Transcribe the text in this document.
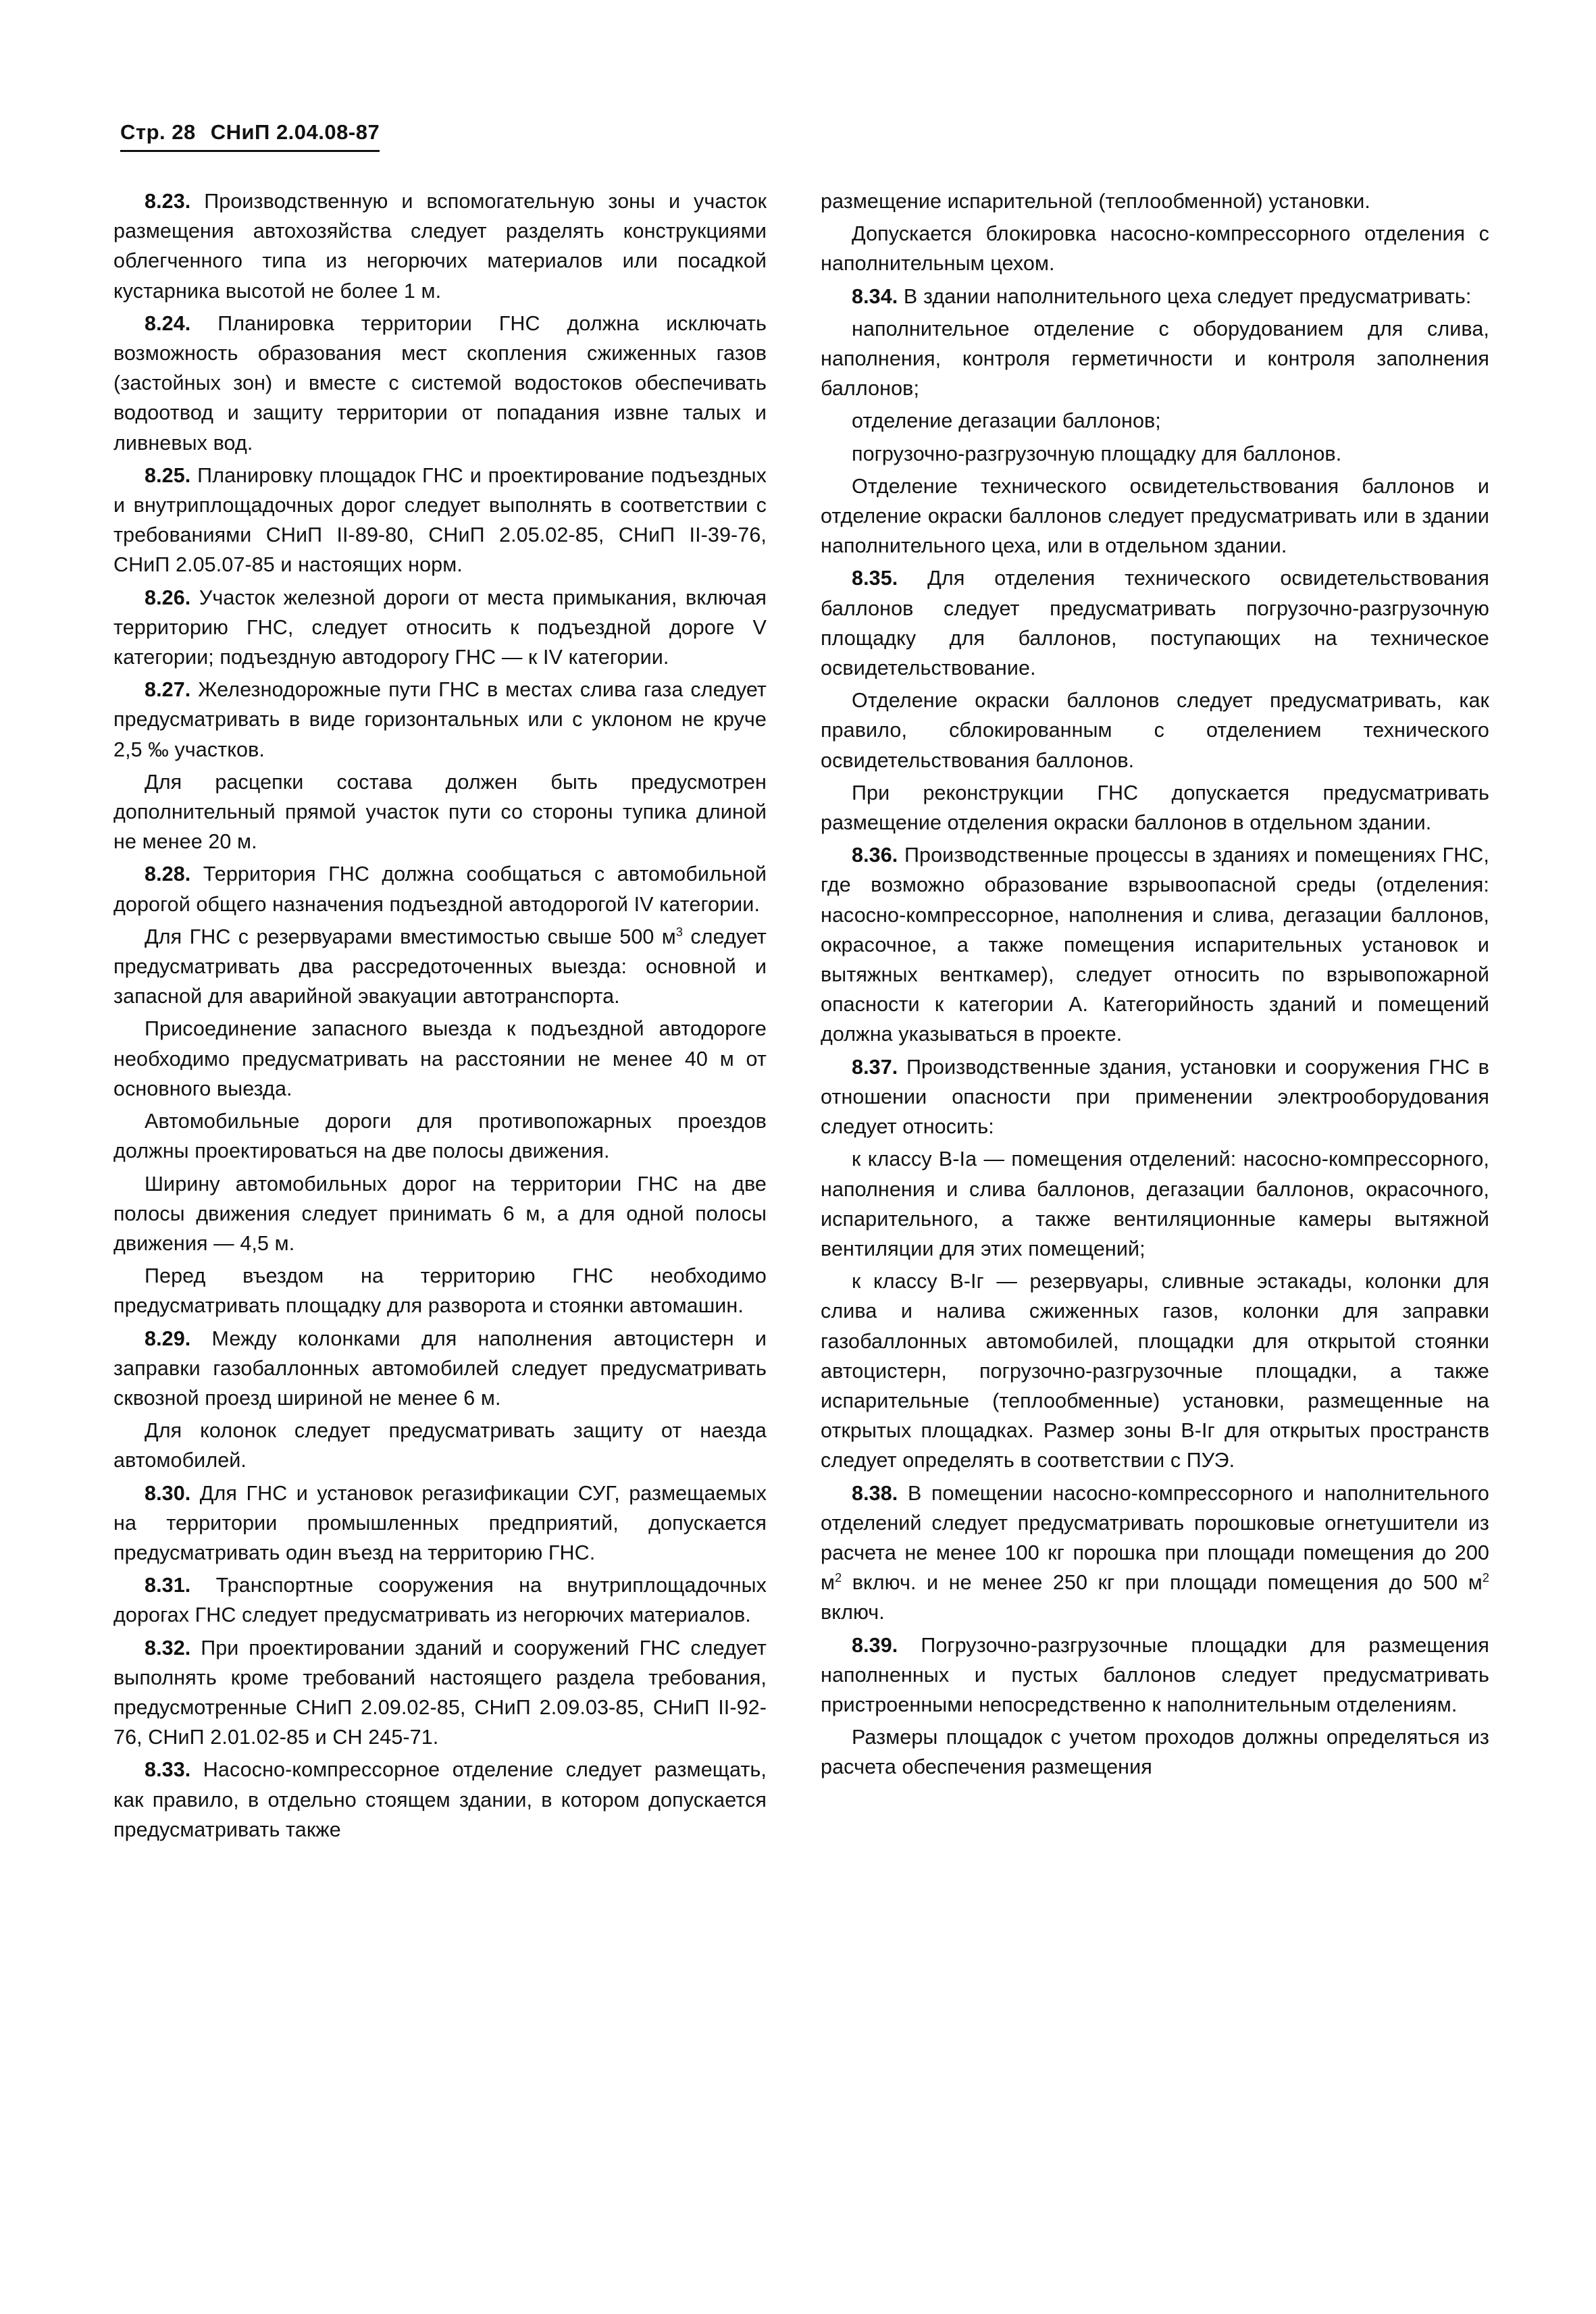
Стр. 28 СНиП 2.04.08-87

8.23. Производственную и вспомогательную зоны и участок размещения автохозяйства следует разделять конструкциями облегченного типа из негорючих материалов или посадкой кустарника высотой не более 1 м.

8.24. Планировка территории ГНС должна исключать возможность образования мест скопления сжиженных газов (застойных зон) и вместе с системой водостоков обеспечивать водоотвод и защиту территории от попадания извне талых и ливневых вод.

8.25. Планировку площадок ГНС и проектирование подъездных и внутриплощадочных дорог следует выполнять в соответствии с требованиями СНиП II-89-80, СНиП 2.05.02-85, СНиП II-39-76, СНиП 2.05.07-85 и настоящих норм.

8.26. Участок железной дороги от места примыкания, включая территорию ГНС, следует относить к подъездной дороге V категории; подъездную автодорогу ГНС — к IV категории.

8.27. Железнодорожные пути ГНС в местах слива газа следует предусматривать в виде горизонтальных или с уклоном не круче 2,5 ‰ участков.

Для расцепки состава должен быть предусмотрен дополнительный прямой участок пути со стороны тупика длиной не менее 20 м.

8.28. Территория ГНС должна сообщаться с автомобильной дорогой общего назначения подъездной автодорогой IV категории.

Для ГНС с резервуарами вместимостью свыше 500 $м^3$ следует предусматривать два рассредоточенных выезда: основной и запасной для аварийной эвакуации автотранспорта.

Присоединение запасного выезда к подъездной автодороге необходимо предусматривать на расстоянии не менее 40 м от основного выезда.

Автомобильные дороги для противопожарных проездов должны проектироваться на две полосы движения.

Ширину автомобильных дорог на территории ГНС на две полосы движения следует принимать 6 м, а для одной полосы движения — 4,5 м.

Перед въездом на территорию ГНС необходимо предусматривать площадку для разворота и стоянки автомашин.

8.29. Между колонками для наполнения автоцистерн и заправки газобаллонных автомобилей следует предусматривать сквозной проезд шириной не менее 6 м.

Для колонок следует предусматривать защиту от наезда автомобилей.

8.30. Для ГНС и установок регазификации СУГ, размещаемых на территории промышленных предприятий, допускается предусматривать один въезд на территорию ГНС.

8.31. Транспортные сооружения на внутриплощадочных дорогах ГНС следует предусматривать из негорючих материалов.

8.32. При проектировании зданий и сооружений ГНС следует выполнять кроме требований настоящего раздела требования, предусмотренные СНиП 2.09.02-85, СНиП 2.09.03-85, СНиП II-92-76, СНиП 2.01.02-85 и СН 245-71.

8.33. Насосно-компрессорное отделение следует размещать, как правило, в отдельно стоящем здании, в котором допускается предусматривать также

размещение испарительной (теплообменной) установки.

Допускается блокировка насосно-компрессорного отделения с наполнительным цехом.

8.34. В здании наполнительного цеха следует предусматривать:

наполнительное отделение с оборудованием для слива, наполнения, контроля герметичности и контроля заполнения баллонов;

отделение дегазации баллонов;

погрузочно-разгрузочную площадку для баллонов.

Отделение технического освидетельствования баллонов и отделение окраски баллонов следует предусматривать или в здании наполнительного цеха, или в отдельном здании.

8.35. Для отделения технического освидетельствования баллонов следует предусматривать погрузочно-разгрузочную площадку для баллонов, поступающих на техническое освидетельствование.

Отделение окраски баллонов следует предусматривать, как правило, сблокированным с отделением технического освидетельствования баллонов.

При реконструкции ГНС допускается предусматривать размещение отделения окраски баллонов в отдельном здании.

8.36. Производственные процессы в зданиях и помещениях ГНС, где возможно образование взрывоопасной среды (отделения: насосно-компрессорное, наполнения и слива, дегазации баллонов, окрасочное, а также помещения испарительных установок и вытяжных венткамер), следует относить по взрывопожарной опасности к категории А. Категорийность зданий и помещений должна указываться в проекте.

8.37. Производственные здания, установки и сооружения ГНС в отношении опасности при применении электрооборудования следует относить:

к классу В-Iа — помещения отделений: насосно-компрессорного, наполнения и слива баллонов, дегазации баллонов, окрасочного, испарительного, а также вентиляционные камеры вытяжной вентиляции для этих помещений;

к классу В-Iг — резервуары, сливные эстакады, колонки для слива и налива сжиженных газов, колонки для заправки газобаллонных автомобилей, площадки для открытой стоянки автоцистерн, погрузочно-разгрузочные площадки, а также испарительные (теплообменные) установки, размещенные на открытых площадках. Размер зоны В-Iг для открытых пространств следует определять в соответствии с ПУЭ.

8.38. В помещении насосно-компрессорного и наполнительного отделений следует предусматривать порошковые огнетушители из расчета не менее 100 кг порошка при площади помещения до 200 $м^2$ включ. и не менее 250 кг при площади помещения до 500 $м^2$ включ.

8.39. Погрузочно-разгрузочные площадки для размещения наполненных и пустых баллонов следует предусматривать пристроенными непосредственно к наполнительным отделениям.

Размеры площадок с учетом проходов должны определяться из расчета обеспечения размещения
